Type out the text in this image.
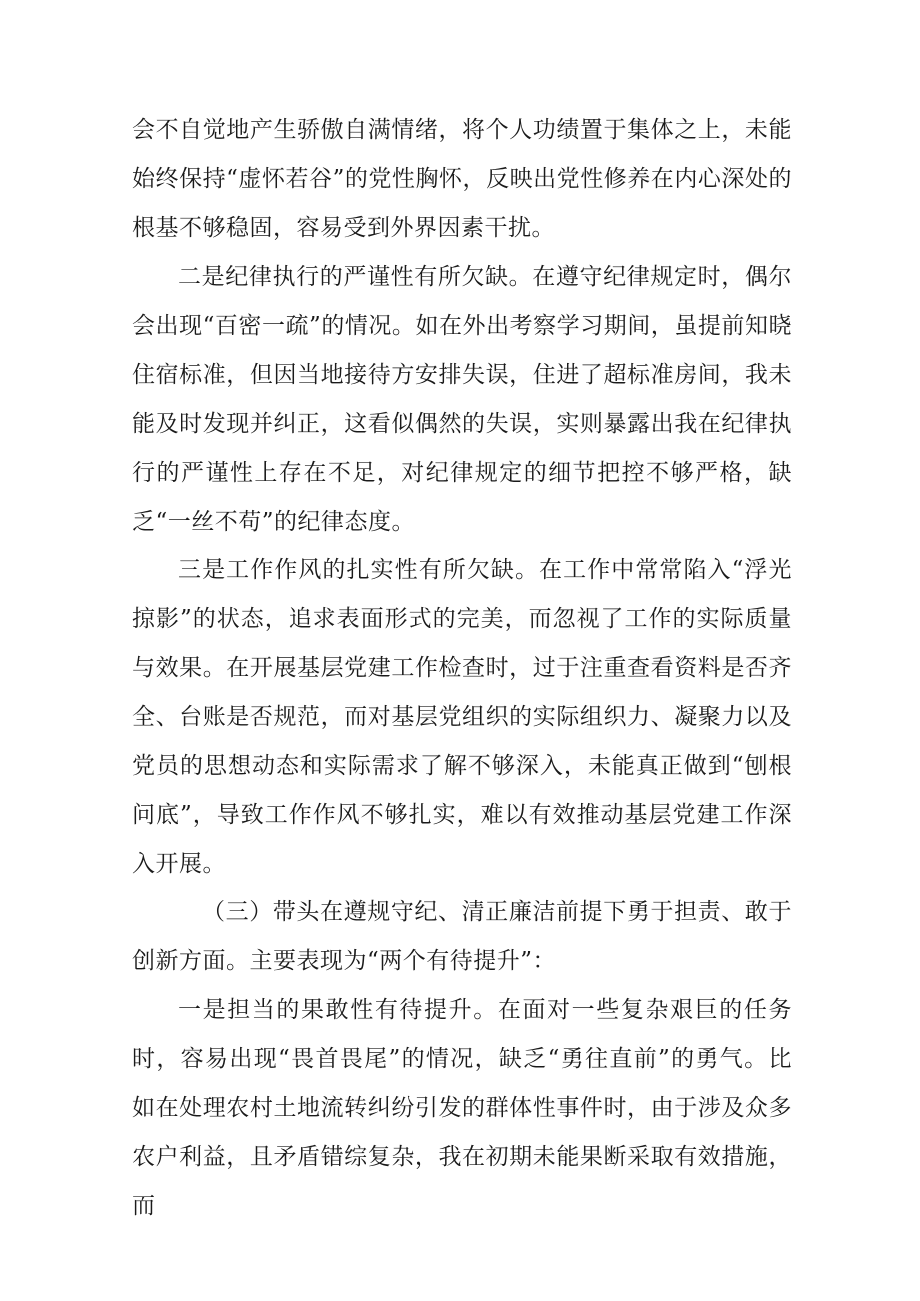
会不自觉地产生骄傲自满情绪，将个人功绩置于集体之上，未能始终保持“虚怀若谷”的党性胸怀，反映出党性修养在内心深处的根基不够稳固，容易受到外界因素干扰。

二是纪律执行的严谨性有所欠缺。在遵守纪律规定时，偶尔会出现“百密一疏”的情况。如在外出考察学习期间，虽提前知晓住宿标准，但因当地接待方安排失误，住进了超标准房间，我未能及时发现并纠正，这看似偶然的失误，实则暴露出我在纪律执行的严谨性上存在不足，对纪律规定的细节把控不够严格，缺乏“一丝不苟”的纪律态度。

三是工作作风的扎实性有所欠缺。在工作中常常陷入“浮光掠影”的状态，追求表面形式的完美，而忽视了工作的实际质量与效果。在开展基层党建工作检查时，过于注重查看资料是否齐全、台账是否规范，而对基层党组织的实际组织力、凝聚力以及党员的思想动态和实际需求了解不够深入，未能真正做到“刨根问底”，导致工作作风不够扎实，难以有效推动基层党建工作深入开展。

（三）带头在遵规守纪、清正廉洁前提下勇于担责、敢于创新方面。主要表现为“两个有待提升”：

一是担当的果敢性有待提升。在面对一些复杂艰巨的任务时，容易出现“畏首畏尾”的情况，缺乏“勇往直前”的勇气。比如在处理农村土地流转纠纷引发的群体性事件时，由于涉及众多农户利益，且矛盾错综复杂，我在初期未能果断采取有效措施，而
